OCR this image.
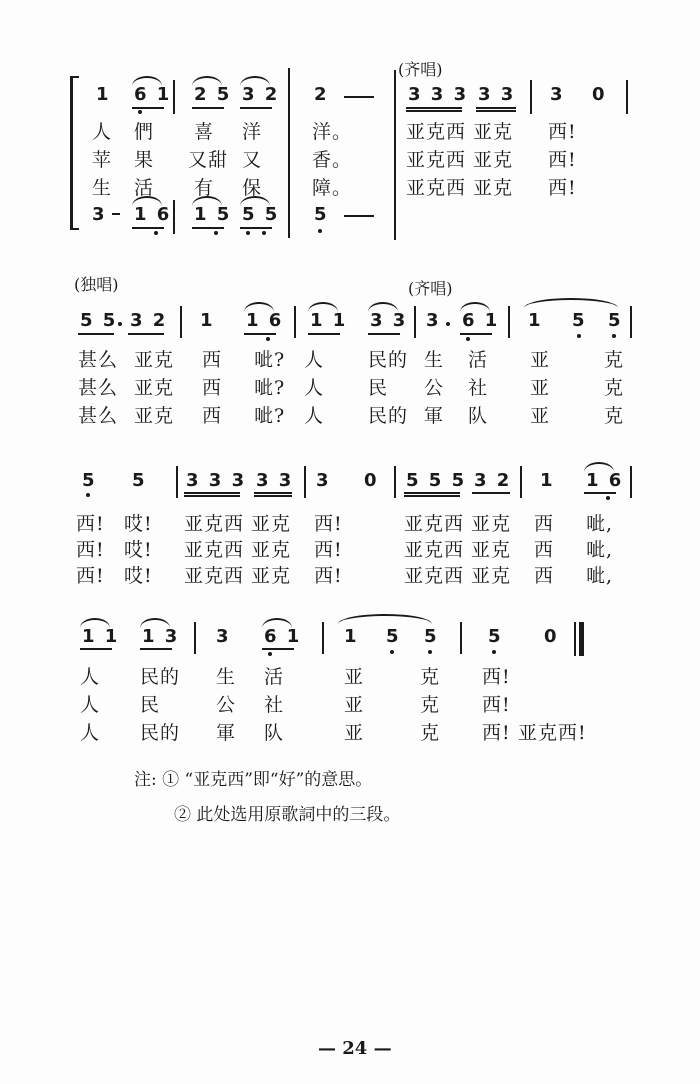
(齐唱)
1 6 1 2 5 3 2 2	3 3 3 3 3 3 0
人 們 喜 洋	洋。	亚克西 亚克 西!
苹 果 又甜 又	香。	亚克西 亚克 西!
生 活 有 保	障。	亚克西 亚克 西!
3 1 6 1 5 5 5 5
(独唱)	(齐唱)
5 5 3 2 1 1 6 1 1 3 3 3 6 1 1 5 5
甚么 亚克 西 呲? 人 民的 生 活 亚	克
甚么 亚克 西 呲? 人 民 公 社 亚	克
甚么 亚克 西 呲? 人 民的 軍 队 亚	克
5 5 3 3 3 3 3 3 0 5 5 5 3 2 1 1 6
西! 哎! 亚克西 亚克 西!	亚克西 亚克 西 呲,
西! 哎! 亚克西 亚克 西!	亚克西 亚克 西 呲,
西! 哎! 亚克西 亚克 西!	亚克西 亚克 西 呲,
1 1 1 3 3 6 1 1 5 5	5 0
人 民的 生 活	亚	克 西!
人 民	公 社	亚	克 西!
人 民的 軍 队	亚	克 西! 亚克西!
注: ① “亚克西”即“好”的意思。
② 此处选用原歌詞中的三段。
— 24 —
